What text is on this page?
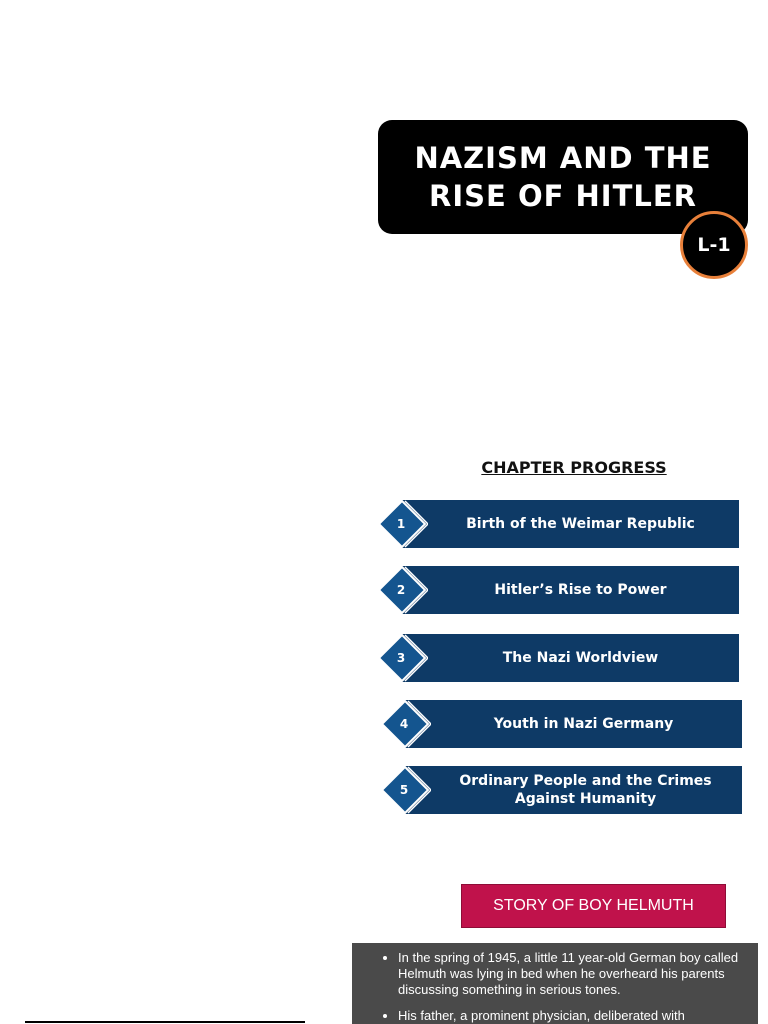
NAZISM AND THE
RISE OF HITLER
L-1
CHAPTER PROGRESS
Birth of the Weimar Republic
1
Hitler’s Rise to Power
2
The Nazi Worldview
3
Youth in Nazi Germany
4
Ordinary People and the Crimes Against Humanity
5
STORY OF BOY HELMUTH
• In the spring of 1945, a little 11 year-old German boy called Helmuth was lying in bed when he overheard his parents discussing something in serious tones.
• His father, a prominent physician, deliberated with
